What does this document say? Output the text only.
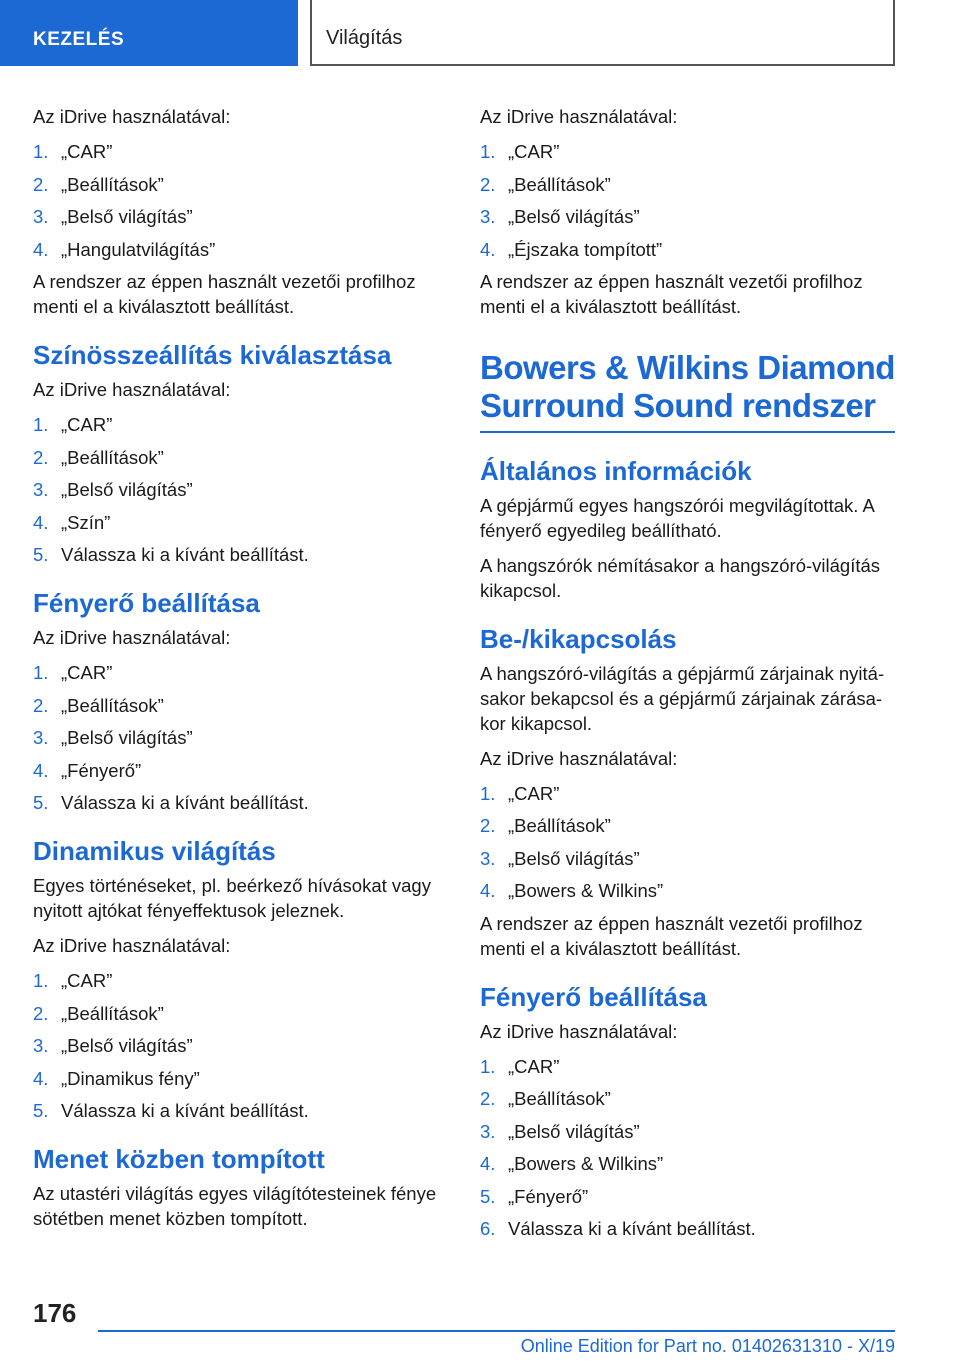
KEZELÉS	Világítás

Az iDrive használatával:

1. „CAR”
2. „Beállítások”
3. „Belső világítás”
4. „Hangulatvilágítás”

A rendszer az éppen használt vezetői profilhoz menti el a kiválasztott beállítást.

Színösszeállítás kiválasztása

Az iDrive használatával:

1. „CAR”
2. „Beállítások”
3. „Belső világítás”
4. „Szín”
5. Válassza ki a kívánt beállítást.
Fényerő beállítása

Az iDrive használatával:

1. „CAR”
2. „Beállítások”
3. „Belső világítás”
4. „Fényerő”
5. Válassza ki a kívánt beállítást.
Dinamikus világítás

Egyes történéseket, pl. beérkező hívásokat vagy nyitott ajtókat fényeffektusok jeleznek.

Az iDrive használatával:

1. „CAR”
2. „Beállítások”
3. „Belső világítás”
4. „Dinamikus fény”
5. Válassza ki a kívánt beállítást.
Menet közben tompított

Az utastéri világítás egyes világítótesteinek fénye sötétben menet közben tompított.

Az iDrive használatával:

1. „CAR”
2. „Beállítások”
3. „Belső világítás”
4. „Éjszaka tompított”

A rendszer az éppen használt vezetői profilhoz menti el a kiválasztott beállítást.

Bowers & Wilkins Diamond Surround Sound rendszer
Általános információk

A gépjármű egyes hangszórói megvilágítottak. A fényerő egyedileg beállítható.

A hangszórók némításakor a hangszóró-világítás kikapcsol.

Be-/kikapcsolás

A hangszóró-világítás a gépjármű zárjainak nyitásakor bekapcsol és a gépjármű zárjainak zárásakor kikapcsol.

Az iDrive használatával:

1. „CAR”
2. „Beállítások”
3. „Belső világítás”
4. „Bowers & Wilkins”

A rendszer az éppen használt vezetői profilhoz menti el a kiválasztott beállítást.

Fényerő beállítása

Az iDrive használatával:

1. „CAR”
2. „Beállítások”
3. „Belső világítás”
4. „Bowers & Wilkins”
5. „Fényerő”
6. Válassza ki a kívánt beállítást.
176
Online Edition for Part no. 01402631310 - X/19
